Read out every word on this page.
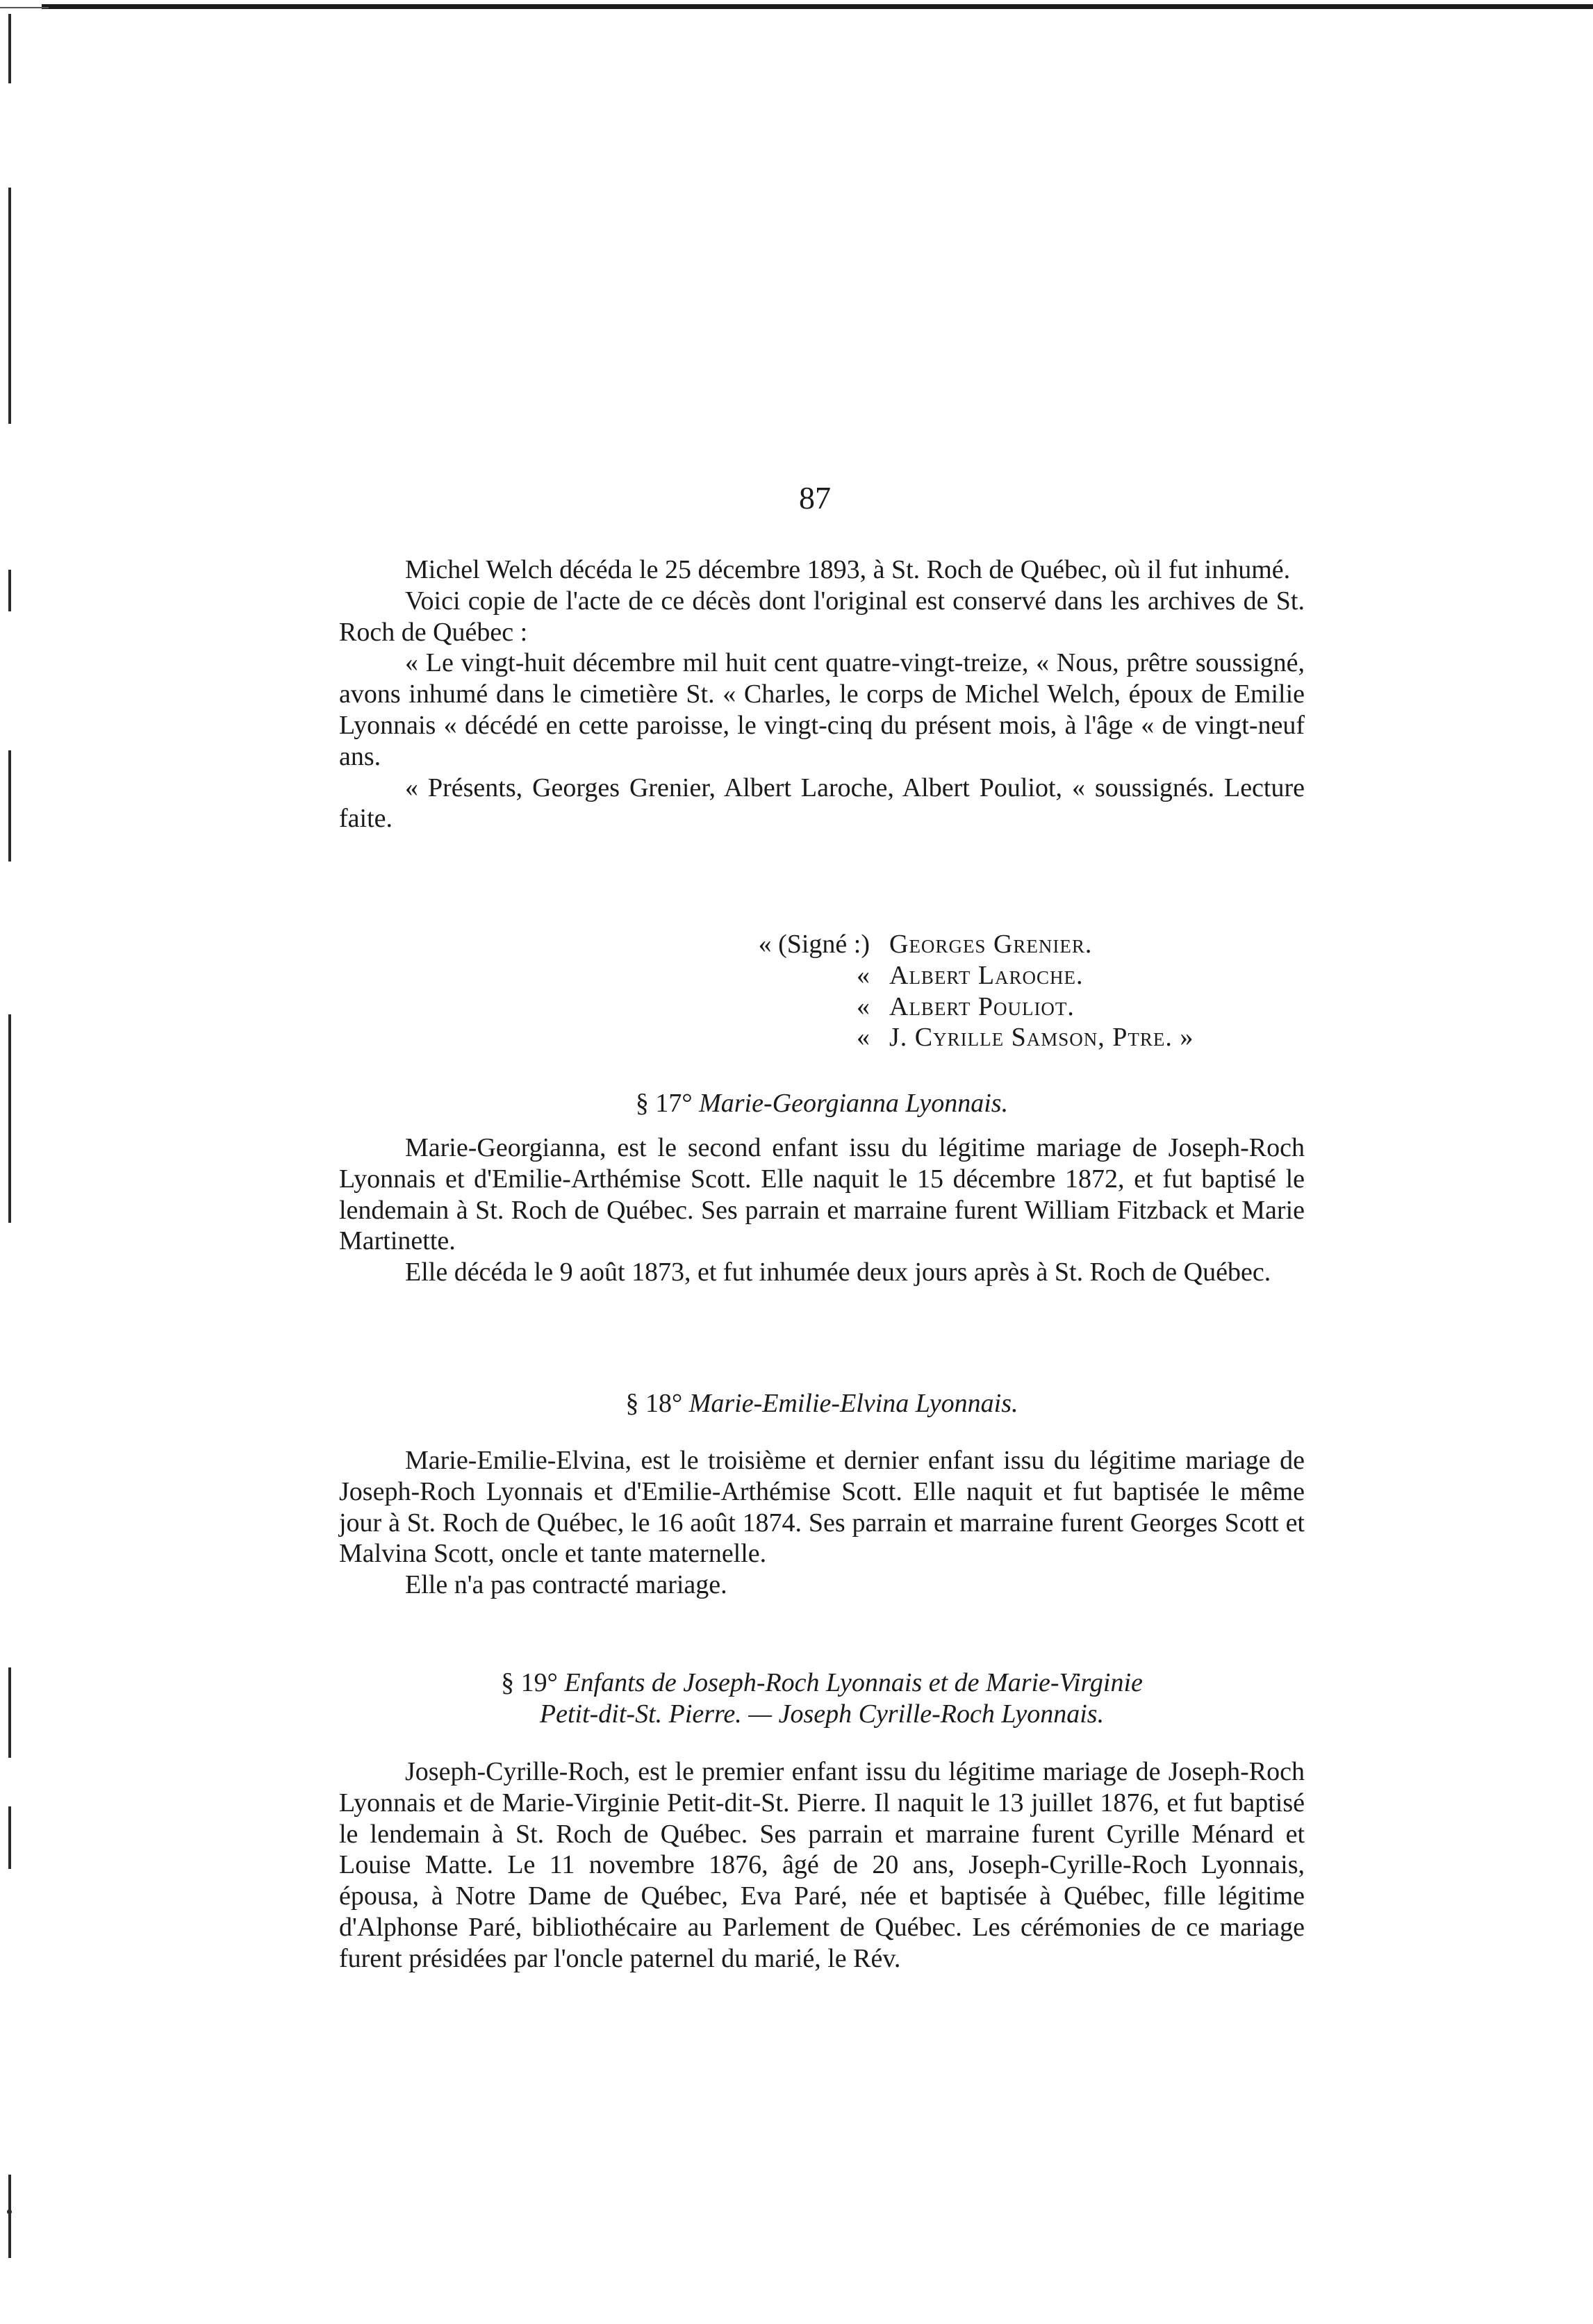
87

Michel Welch décéda le 25 décembre 1893, à St. Roch de Québec, où il fut inhumé.

Voici copie de l'acte de ce décès dont l'original est conservé dans les archives de St. Roch de Québec :

« Le vingt-huit décembre mil huit cent quatre-vingt-treize, « Nous, prêtre soussigné, avons inhumé dans le cimetière St. « Charles, le corps de Michel Welch, époux de Emilie Lyonnais « décédé en cette paroisse, le vingt-cinq du présent mois, à l'âge « de vingt-neuf ans.

« Présents, Georges Grenier, Albert Laroche, Albert Pouliot, « soussignés. Lecture faite.

« (Signé :) Georges Grenier.
« Albert Laroche.
« Albert Pouliot.
« J. Cyrille Samson, Ptre. »
§ 17° Marie-Georgianna Lyonnais.

Marie-Georgianna, est le second enfant issu du légitime mariage de Joseph-Roch Lyonnais et d'Emilie-Arthémise Scott. Elle naquit le 15 décembre 1872, et fut baptisé le lendemain à St. Roch de Québec. Ses parrain et marraine furent William Fitzback et Marie Martinette.

Elle décéda le 9 août 1873, et fut inhumée deux jours après à St. Roch de Québec.

§ 18° Marie-Emilie-Elvina Lyonnais.

Marie-Emilie-Elvina, est le troisième et dernier enfant issu du légitime mariage de Joseph-Roch Lyonnais et d'Emilie-Arthémise Scott. Elle naquit et fut baptisée le même jour à St. Roch de Québec, le 16 août 1874. Ses parrain et marraine furent Georges Scott et Malvina Scott, oncle et tante maternelle.

Elle n'a pas contracté mariage.

§ 19° Enfants de Joseph-Roch Lyonnais et de Marie-Virginie
Petit-dit-St. Pierre. — Joseph Cyrille-Roch Lyonnais.

Joseph-Cyrille-Roch, est le premier enfant issu du légitime mariage de Joseph-Roch Lyonnais et de Marie-Virginie Petit-dit-St. Pierre. Il naquit le 13 juillet 1876, et fut baptisé le lendemain à St. Roch de Québec. Ses parrain et marraine furent Cyrille Ménard et Louise Matte. Le 11 novembre 1876, âgé de 20 ans, Joseph-Cyrille-Roch Lyonnais, épousa, à Notre Dame de Québec, Eva Paré, née et baptisée à Québec, fille légitime d'Alphonse Paré, bibliothécaire au Parlement de Québec. Les cérémonies de ce mariage furent présidées par l'oncle paternel du marié, le Rév.
